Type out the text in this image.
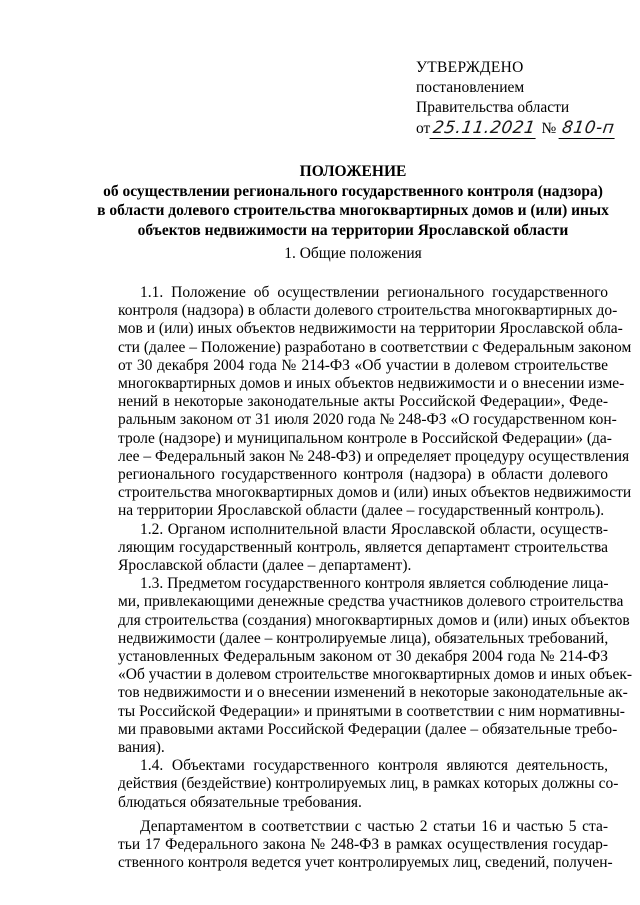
УТВЕРЖДЕНО
постановлением
Правительства области
от25.11.2021 № 810-п
ПОЛОЖЕНИЕ
об осуществлении регионального государственного контроля (надзора)
в области долевого строительства многоквартирных домов и (или) иных
объектов недвижимости на территории Ярославской области
1. Общие положения
1.1. Положение об осуществлении регионального государственного
контроля (надзора) в области долевого строительства многоквартирных до-
мов и (или) иных объектов недвижимости на территории Ярославской обла-
сти (далее – Положение) разработано в соответствии с Федеральным законом
от 30 декабря 2004 года № 214-ФЗ «Об участии в долевом строительстве
многоквартирных домов и иных объектов недвижимости и о внесении изме-
нений в некоторые законодательные акты Российской Федерации», Феде-
ральным законом от 31 июля 2020 года № 248-ФЗ «О государственном кон-
троле (надзоре) и муниципальном контроле в Российской Федерации» (да-
лее – Федеральный закон № 248-ФЗ) и определяет процедуру осуществления
регионального государственного контроля (надзора) в области долевого
строительства многоквартирных домов и (или) иных объектов недвижимости
на территории Ярославской области (далее – государственный контроль).
1.2. Органом исполнительной власти Ярославской области, осуществ-
ляющим государственный контроль, является департамент строительства
Ярославской области (далее – департамент).
1.3. Предметом государственного контроля является соблюдение лица-
ми, привлекающими денежные средства участников долевого строительства
для строительства (создания) многоквартирных домов и (или) иных объектов
недвижимости (далее – контролируемые лица), обязательных требований,
установленных Федеральным законом от 30 декабря 2004 года № 214-ФЗ
«Об участии в долевом строительстве многоквартирных домов и иных объек-
тов недвижимости и о внесении изменений в некоторые законодательные ак-
ты Российской Федерации» и принятыми в соответствии с ним нормативны-
ми правовыми актами Российской Федерации (далее – обязательные требо-
вания).
1.4. Объектами государственного контроля являются деятельность,
действия (бездействие) контролируемых лиц, в рамках которых должны со-
блюдаться обязательные требования.
Департаментом в соответствии с частью 2 статьи 16 и частью 5 ста-
тьи 17 Федерального закона № 248-ФЗ в рамках осуществления государ-
ственного контроля ведется учет контролируемых лиц, сведений, получен-
